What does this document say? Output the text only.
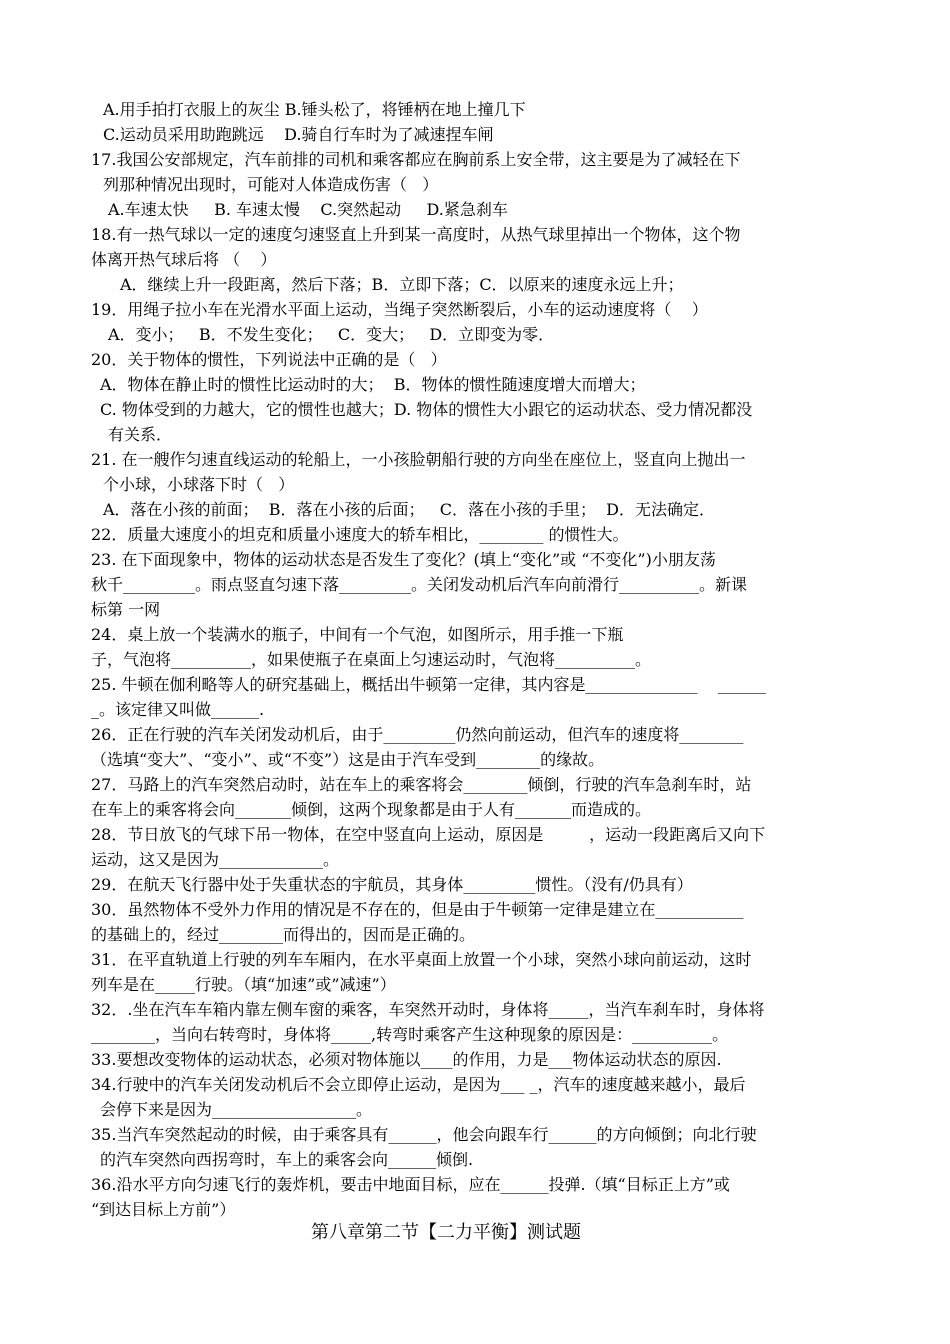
A.用手拍打衣服上的灰尘 B.锤头松了，将锤柄在地上撞几下
C.运动员采用助跑跳远    D.骑自行车时为了减速捏车闸
17.我国公安部规定，汽车前排的司机和乘客都应在胸前系上安全带，这主要是为了减轻在下
列那种情况出现时，可能对人体造成伤害（   ）
A.车速太快     B. 车速太慢    C.突然起动     D.紧急刹车
18.有一热气球以一定的速度匀速竖直上升到某一高度时，从热气球里掉出一个物体，这个物
体离开热气球后将 （    ）
A．继续上升一段距离，然后下落；B．立即下落；C．以原来的速度永远上升；
19．用绳子拉小车在光滑水平面上运动，当绳子突然断裂后，小车的运动速度将（    ）
A．变小；   B．不发生变化；   C．变大；   D．立即变为零．
20．关于物体的惯性，下列说法中正确的是（   ）
A．物体在静止时的惯性比运动时的大；  B．物体的惯性随速度增大而增大；
C. 物体受到的力越大，它的惯性也越大；D. 物体的惯性大小跟它的运动状态、受力情况都没
有关系．
21. 在一艘作匀速直线运动的轮船上，一小孩脸朝船行驶的方向坐在座位上，竖直向上抛出一
个小球，小球落下时（   ）
A．落在小孩的前面；  B．落在小孩的后面；   C．落在小孩的手里；  D．无法确定．
22．质量大速度小的坦克和质量小速度大的轿车相比，________ 的惯性大。
23. 在下面现象中，物体的运动状态是否发生了变化？(填上“变化”或 “不变化”)小朋友荡
秋千_________。雨点竖直匀速下落_________。关闭发动机后汽车向前滑行__________。新课
标第 一网
24．桌上放一个装满水的瓶子，中间有一个气泡，如图所示，用手推一下瓶
子，气泡将__________，如果使瓶子在桌面上匀速运动时，气泡将__________。
25. 牛顿在伽利略等人的研究基础上，概括出牛顿第一定律，其内容是______________    ______
_。该定律又叫做______.
26．正在行驶的汽车关闭发动机后，由于_________仍然向前运动，但汽车的速度将________
（选填“变大”、“变小”、或“不变”）这是由于汽车受到________的缘故。
27．马路上的汽车突然启动时，站在车上的乘客将会________倾倒，行驶的汽车急刹车时，站
在车上的乘客将会向_______倾倒，这两个现象都是由于人有_______而造成的。
28．节日放飞的气球下吊一物体，在空中竖直向上运动，原因是         ，运动一段距离后又向下
运动，这又是因为_____________。
29．在航天飞行器中处于失重状态的宇航员，其身体_________惯性。（没有/仍具有）
30．虽然物体不受外力作用的情况是不存在的，但是由于牛顿第一定律是建立在___________
的基础上的，经过________而得出的，因而是正确的。
31．在平直轨道上行驶的列车车厢内，在水平桌面上放置一个小球，突然小球向前运动，这时
列车是在_____行驶。（填“加速”或”减速”）
32．.坐在汽车车箱内靠左侧车窗的乘客，车突然开动时，身体将_____，当汽车刹车时，身体将
________，当向右转弯时，身体将_____,转弯时乘客产生这种现象的原因是：__________。
33.要想改变物体的运动状态，必须对物体施以____的作用，力是___物体运动状态的原因.
34.行驶中的汽车关闭发动机后不会立即停止运动，是因为___ _，汽车的速度越来越小，最后
会停下来是因为__________________。
35.当汽车突然起动的时候，由于乘客具有______，他会向跟车行______的方向倾倒；向北行驶
的汽车突然向西拐弯时，车上的乘客会向______倾倒.
36.沿水平方向匀速飞行的轰炸机，要击中地面目标，应在______投弹.（填“目标正上方”或
“到达目标上方前”）
第八章第二节【二力平衡】测试题
